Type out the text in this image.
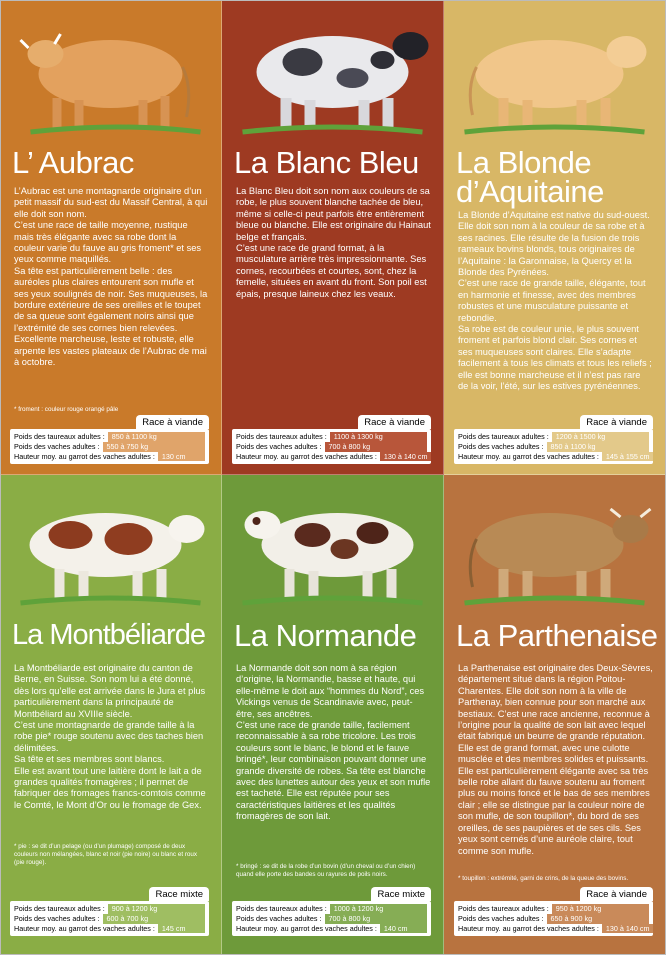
L’ Aubrac
L’Aubrac est une montagnarde originaire d’un petit massif du sud-est du Massif Central, à qui elle doit son nom.
C’est une race de taille moyenne, rustique mais très élégante avec sa robe dont la couleur varie du fauve au gris froment* et ses yeux comme maquillés.
Sa tête est particulièrement belle : des auréoles plus claires entourent son mufle et ses yeux soulignés de noir. Ses muqueuses, la bordure extérieure de ses oreilles et le toupet de sa queue sont également noirs ainsi que l’extrémité de ses cornes bien relevées.
Excellente marcheuse, leste et robuste, elle arpente les vastes plateaux de l’Aubrac de mai à octobre.
* froment : couleur rouge orangé pâle
Race à viande
Poids des taureaux adultes : 850 à 1100 kg
Poids des vaches adultes : 550 à 750 kg
Hauteur moy. au garrot des vaches adultes : 130 cm
La Blanc Bleu
La Blanc Bleu doit son nom aux couleurs de sa robe, le plus souvent blanche tachée de bleu, même si celle-ci peut parfois être entièrement bleue ou blanche. Elle est originaire du Hainaut belge et français.
C’est une race de grand format, à la musculature arrière très impressionnante. Ses cornes, recourbées et courtes, sont, chez la femelle, situées en avant du front. Son poil est épais, presque laineux chez les veaux.
Race à viande
Poids des taureaux adultes : 1100 à 1300 kg
Poids des vaches adultes : 700 à 800 kg
Hauteur moy. au garrot des vaches adultes : 130 à 140 cm
La Blonde
d’Aquitaine
La Blonde d’Aquitaine est native du sud-ouest. Elle doit son nom à la couleur de sa robe et à ses racines. Elle résulte de la fusion de trois rameaux bovins blonds, tous originaires de l’Aquitaine : la Garonnaise, la Quercy et la Blonde des Pyrénées.
C’est une race de grande taille, élégante, tout en harmonie et finesse, avec des membres robustes et une musculature puissante et rebondie.
Sa robe est de couleur unie, le plus souvent froment et parfois blond clair. Ses cornes et ses muqueuses sont claires. Elle s’adapte facilement à tous les climats et tous les reliefs ; elle est bonne marcheuse et il n’est pas rare de la voir, l’été, sur les estives pyrénéennes.
Race à viande
Poids des taureaux adultes : 1200 à 1500 kg
Poids des vaches adultes : 850 à 1100 kg
Hauteur moy. au garrot des vaches adultes : 145 à 155 cm
La Montbéliarde
La Montbéliarde est originaire du canton de Berne, en Suisse. Son nom lui a été donné, dès lors qu’elle est arrivée dans le Jura et plus particulièrement dans la principauté de Montbéliard au XVIIIe siècle.
C’est une montagnarde de grande taille à la robe pie* rouge soutenu avec des taches bien délimitées.
Sa tête et ses membres sont blancs.
Elle est avant tout une laitière dont le lait a de grandes qualités fromagères ; il permet de fabriquer des fromages francs-comtois comme le Comté, le Mont d’Or ou le fromage de Gex.
* pie : se dit d’un pelage (ou d’un plumage) composé de deux couleurs non mélangées, blanc et noir (pie noire) ou blanc et roux (pie rouge).
Race mixte
Poids des taureaux adultes : 900 à 1200 kg
Poids des vaches adultes : 600 à 700 kg
Hauteur moy. au garrot des vaches adultes : 145 cm
La Normande
La Normande doit son nom à sa région d’origine, la Normandie, basse et haute, qui elle-même le doit aux “hommes du Nord”, ces Vickings venus de Scandinavie avec, peut-être, ses ancêtres.
C’est une race de grande taille, facilement reconnaissable à sa robe tricolore. Les trois couleurs sont le blanc, le blond et le fauve bringé*, leur combinaison pouvant donner une grande diversité de robes. Sa tête est blanche avec des lunettes autour des yeux et son mufle est tacheté. Elle est réputée pour ses caractéristiques laitières et les qualités fromagères de son lait.
* bringé : se dit de la robe d’un bovin (d’un cheval ou d’un chien) quand elle porte des bandes ou rayures de poils noirs.
Race mixte
Poids des taureaux adultes : 1000 à 1200 kg
Poids des vaches adultes : 700 à 800 kg
Hauteur moy. au garrot des vaches adultes : 140 cm
La Parthenaise
La Parthenaise est originaire des Deux-Sèvres, département situé dans la région Poitou-Charentes. Elle doit son nom à la ville de Parthenay, bien connue pour son marché aux bestiaux. C’est une race ancienne, reconnue à l’origine pour la qualité de son lait avec lequel était fabriqué un beurre de grande réputation. Elle est de grand format, avec une culotte musclée et des membres solides et puissants. Elle est particulièrement élégante avec sa très belle robe allant du fauve soutenu au froment plus ou moins foncé et le bas de ses membres clair ; elle se distingue par la couleur noire de son mufle, de son toupillon*, du bord de ses oreilles, de ses paupières et de ses cils. Ses yeux sont cernés d’une auréole claire, tout comme son mufle.
* toupillon : extrémité, garni de crins, de la queue des bovins.
Race à viande
Poids des taureaux adultes : 950 à 1200 kg
Poids des vaches adultes : 650 à 900 kg
Hauteur moy. au garrot des vaches adultes : 130 à 140 cm
